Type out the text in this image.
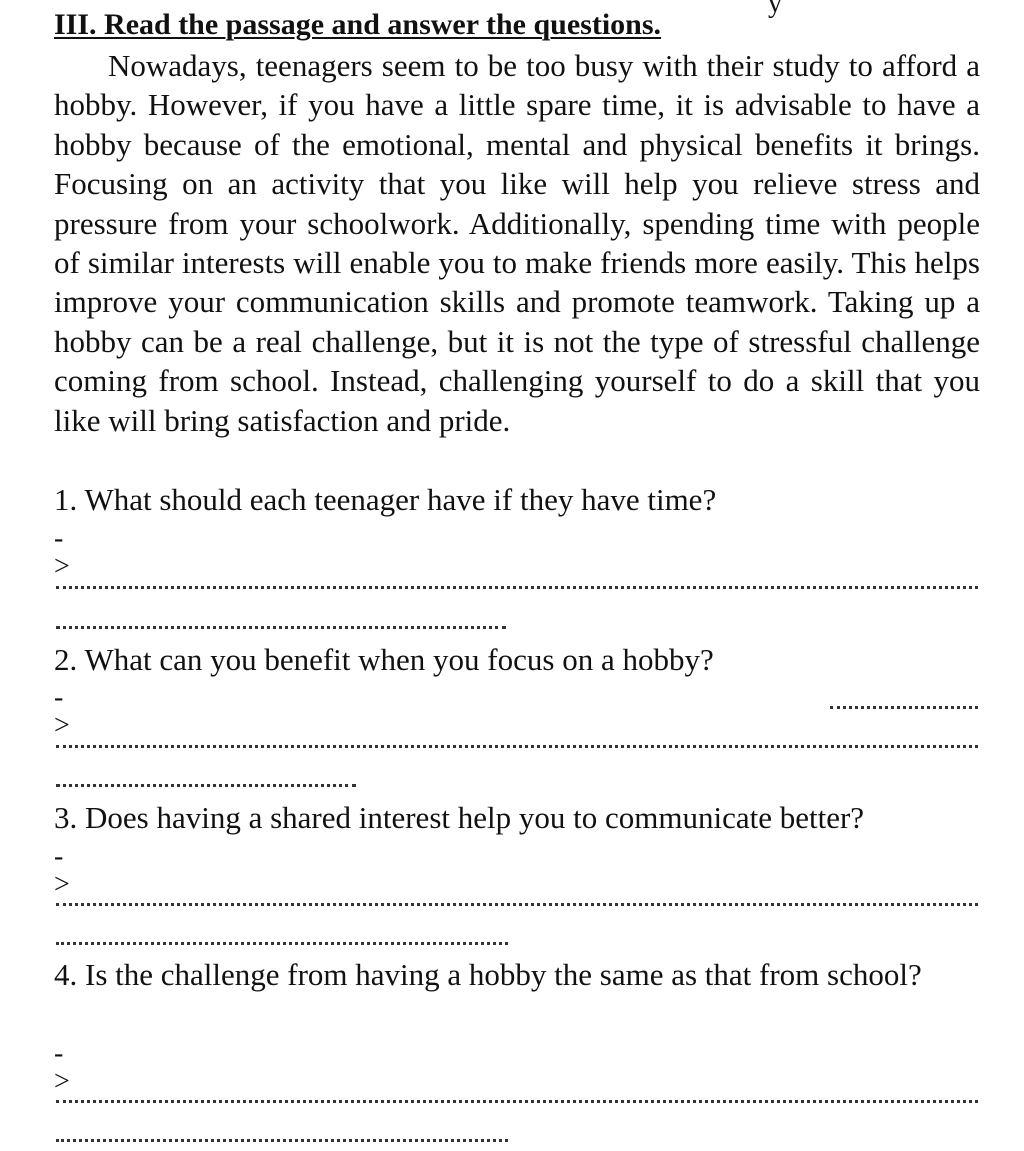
y
III. Read the passage and answer the questions.

Nowadays, teenagers seem to be too busy with their study to afford a hobby. However, if you have a little spare time, it is advisable to have a hobby because of the emotional, mental and physical benefits it brings. Focusing on an activity that you like will help you relieve stress and pressure from your schoolwork. Additionally, spending time with people of similar interests will enable you to make friends more easily. This helps improve your communication skills and promote teamwork. Taking up a hobby can be a real challenge, but it is not the type of stressful challenge coming from school. Instead, challenging yourself to do a skill that you like will bring satisfaction and pride.

1. What should each teenager have if they have time?

->

2. What can you benefit when you focus on a hobby?

->

3. Does having a shared interest help you to communicate better?

->

4. Is the challenge from having a hobby the same as that from school?

->
